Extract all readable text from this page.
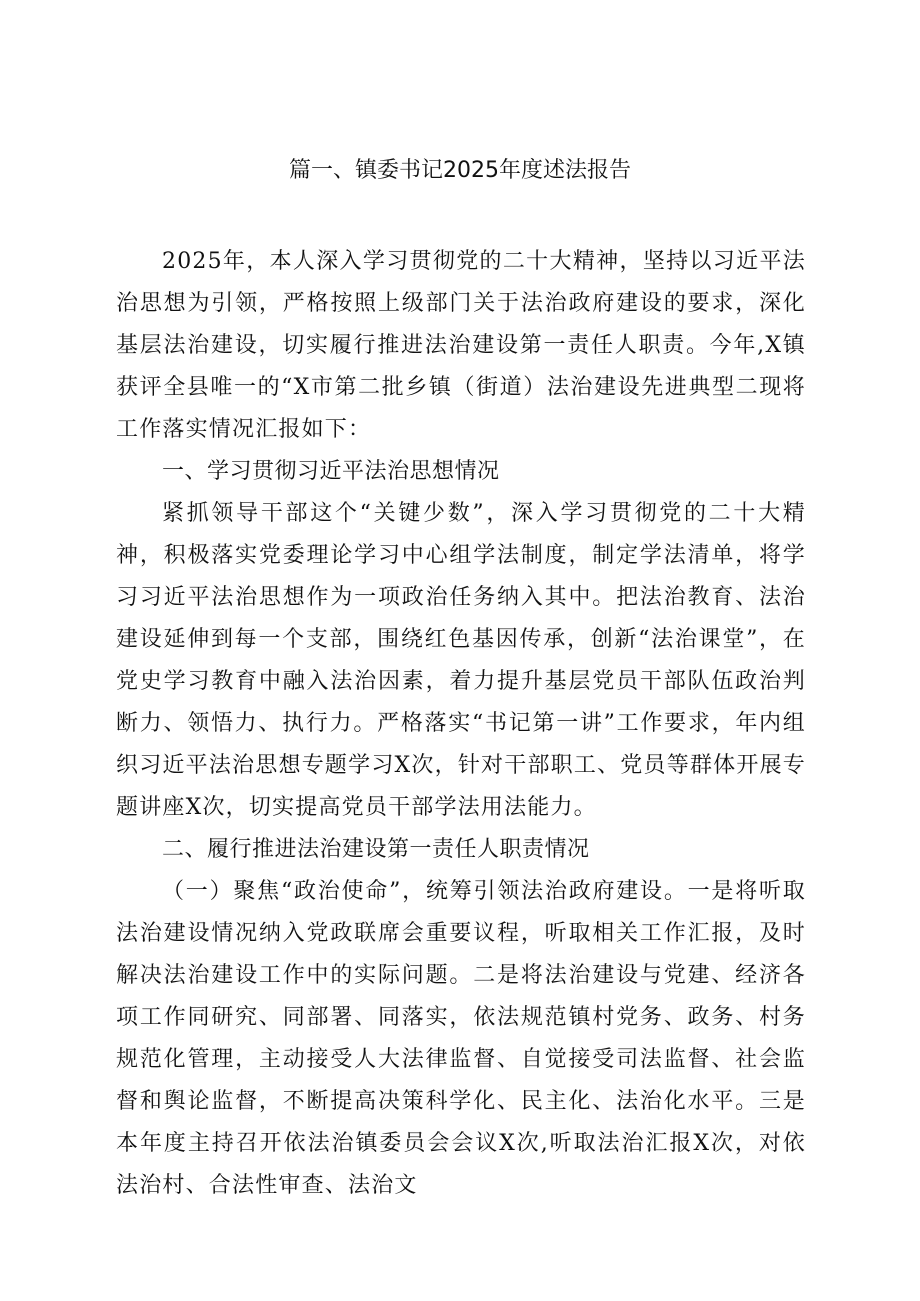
篇一、镇委书记2025年度述法报告

2025年，本人深入学习贯彻党的二十大精神，坚持以习近平法治思想为引领，严格按照上级部门关于法治政府建设的要求，深化基层法治建设，切实履行推进法治建设第一责任人职责。今年,X镇获评全县唯一的“X市第二批乡镇（街道）法治建设先进典型二现将工作落实情况汇报如下：

一、学习贯彻习近平法治思想情况

紧抓领导干部这个“关键少数”，深入学习贯彻党的二十大精神，积极落实党委理论学习中心组学法制度，制定学法清单，将学习习近平法治思想作为一项政治任务纳入其中。把法治教育、法治建设延伸到每一个支部，围绕红色基因传承，创新“法治课堂”，在党史学习教育中融入法治因素，着力提升基层党员干部队伍政治判断力、领悟力、执行力。严格落实“书记第一讲”工作要求，年内组织习近平法治思想专题学习X次，针对干部职工、党员等群体开展专题讲座X次，切实提高党员干部学法用法能力。

二、履行推进法治建设第一责任人职责情况

（一）聚焦“政治使命”，统筹引领法治政府建设。一是将听取法治建设情况纳入党政联席会重要议程，听取相关工作汇报，及时解决法治建设工作中的实际问题。二是将法治建设与党建、经济各项工作同研究、同部署、同落实，依法规范镇村党务、政务、村务规范化管理，主动接受人大法律监督、自觉接受司法监督、社会监督和舆论监督，不断提高决策科学化、民主化、法治化水平。三是本年度主持召开依法治镇委员会会议X次,听取法治汇报X次，对依法治村、合法性审查、法治文
